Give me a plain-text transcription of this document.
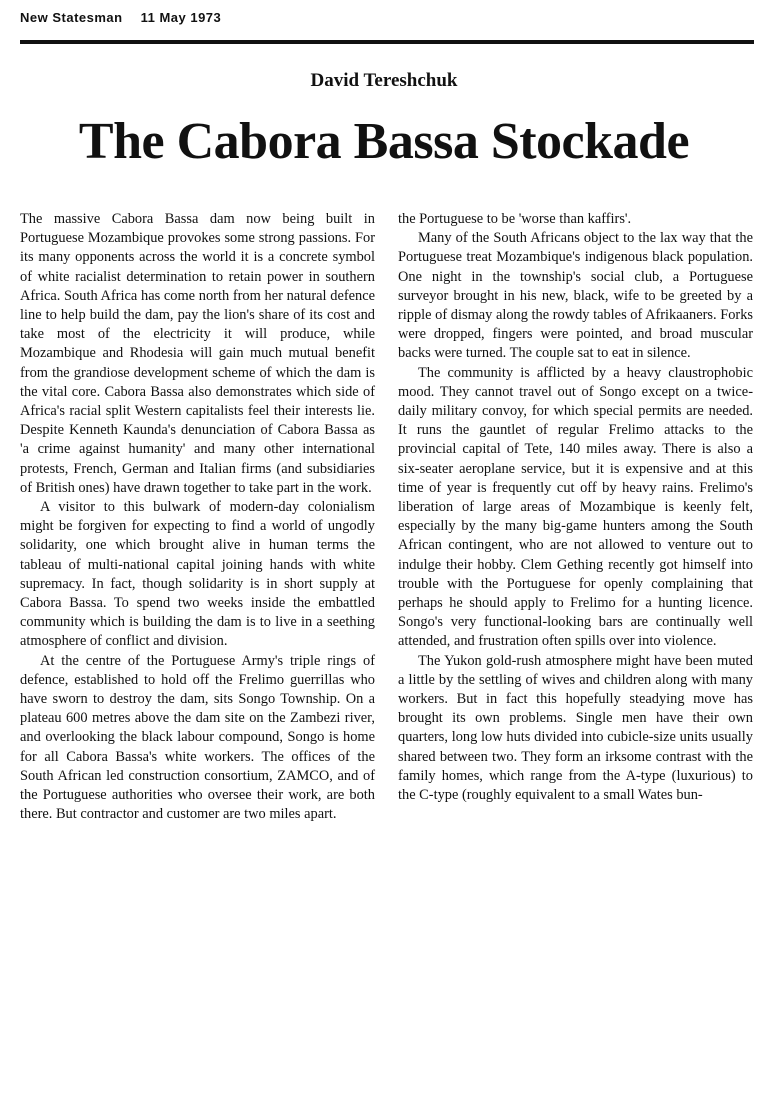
New Statesman 11 May 1973
David Tereshchuk
The Cabora Bassa Stockade

The massive Cabora Bassa dam now being built in Portuguese Mozambique provokes some strong passions. For its many opponents across the world it is a concrete symbol of white racialist determination to retain power in southern Africa. South Africa has come north from her natural defence line to help build the dam, pay the lion's share of its cost and take most of the electricity it will produce, while Mozambique and Rhodesia will gain much mutual benefit from the grandiose development scheme of which the dam is the vital core. Cabora Bassa also demonstrates which side of Africa's racial split Western capitalists feel their interests lie. Despite Kenneth Kaunda's denunciation of Cabora Bassa as 'a crime against humanity' and many other international protests, French, German and Italian firms (and subsidiaries of British ones) have drawn together to take part in the work.

A visitor to this bulwark of modern-day colonialism might be forgiven for expecting to find a world of ungodly solidarity, one which brought alive in human terms the tableau of multi-national capital joining hands with white supremacy. In fact, though solidarity is in short supply at Cabora Bassa. To spend two weeks inside the embattled community which is building the dam is to live in a seething atmosphere of conflict and division.

At the centre of the Portuguese Army's triple rings of defence, established to hold off the Frelimo guerrillas who have sworn to destroy the dam, sits Songo Township. On a plateau 600 metres above the dam site on the Zambezi river, and overlooking the black labour compound, Songo is home for all Cabora Bassa's white workers. The offices of the South African led construction consortium, ZAMCO, and of the Portuguese authorities who oversee their work, are both there. But contractor and customer are two miles apart.

the Portuguese to be 'worse than kaffirs'.

Many of the South Africans object to the lax way that the Portuguese treat Mozambique's indigenous black population. One night in the township's social club, a Portuguese surveyor brought in his new, black, wife to be greeted by a ripple of dismay along the rowdy tables of Afrikaaners. Forks were dropped, fingers were pointed, and broad muscular backs were turned. The couple sat to eat in silence.

The community is afflicted by a heavy claustrophobic mood. They cannot travel out of Songo except on a twice-daily military convoy, for which special permits are needed. It runs the gauntlet of regular Frelimo attacks to the provincial capital of Tete, 140 miles away. There is also a six-seater aeroplane service, but it is expensive and at this time of year is frequently cut off by heavy rains. Frelimo's liberation of large areas of Mozambique is keenly felt, especially by the many big-game hunters among the South African contingent, who are not allowed to venture out to indulge their hobby. Clem Gething recently got himself into trouble with the Portuguese for openly complaining that perhaps he should apply to Frelimo for a hunting licence. Songo's very functional-looking bars are continually well attended, and frustration often spills over into violence.

The Yukon gold-rush atmosphere might have been muted a little by the settling of wives and children along with many workers. But in fact this hopefully steadying move has brought its own problems. Single men have their own quarters, long low huts divided into cubicle-size units usually shared between two. They form an irksome contrast with the family homes, which range from the A-type (luxurious) to the C-type (roughly equivalent to a small Wates bun-
